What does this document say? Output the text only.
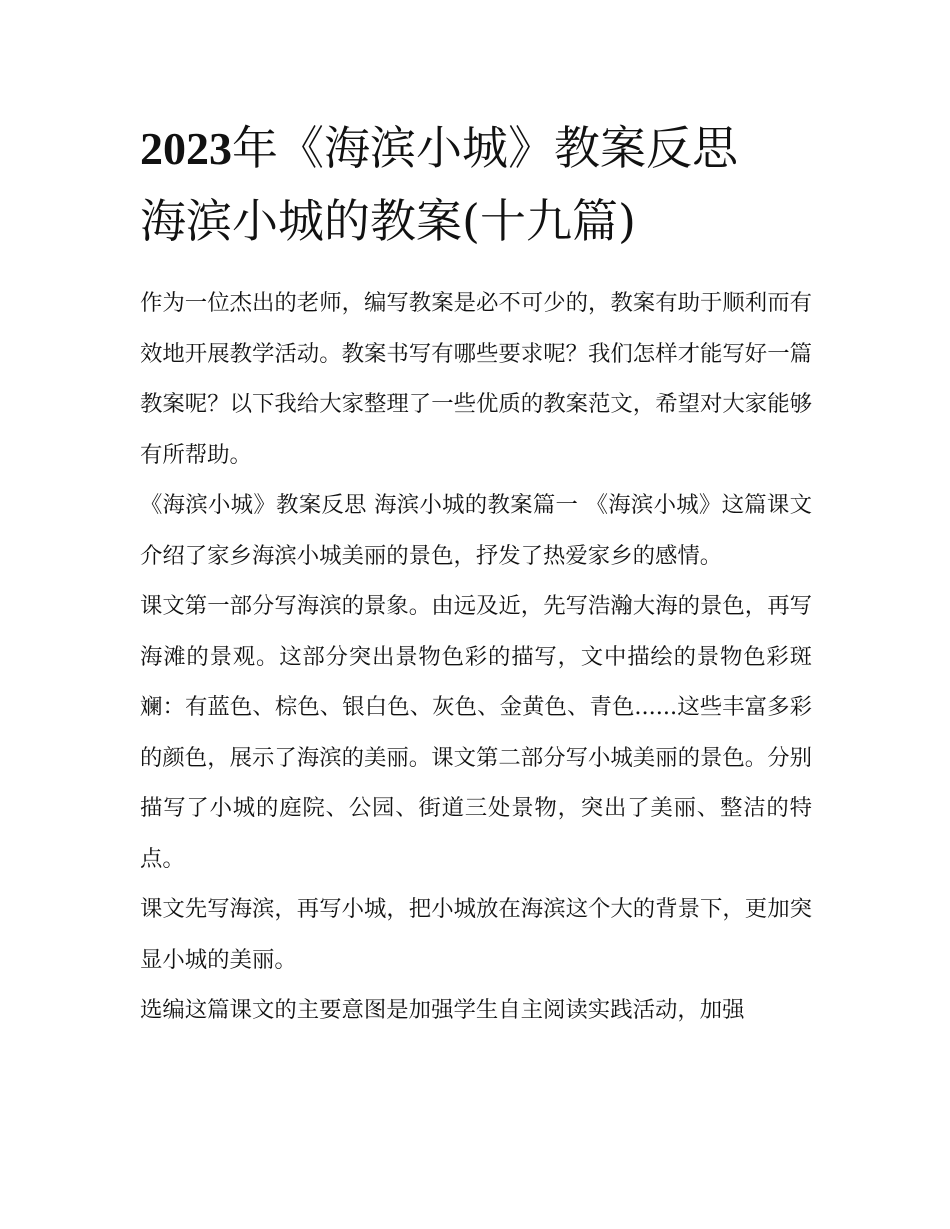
2023年《海滨小城》教案反思
海滨小城的教案(十九篇)

作为一位杰出的老师，编写教案是必不可少的，教案有助于顺利而有效地开展教学活动。教案书写有哪些要求呢？我们怎样才能写好一篇教案呢？以下我给大家整理了一些优质的教案范文，希望对大家能够有所帮助。

《海滨小城》教案反思 海滨小城的教案篇一 《海滨小城》这篇课文介绍了家乡海滨小城美丽的景色，抒发了热爱家乡的感情。

课文第一部分写海滨的景象。由远及近，先写浩瀚大海的景色，再写海滩的景观。这部分突出景物色彩的描写，文中描绘的景物色彩斑斓：有蓝色、棕色、银白色、灰色、金黄色、青色......这些丰富多彩的颜色，展示了海滨的美丽。课文第二部分写小城美丽的景色。分别描写了小城的庭院、公园、街道三处景物，突出了美丽、整洁的特点。

课文先写海滨，再写小城，把小城放在海滨这个大的背景下，更加突显小城的美丽。

选编这篇课文的主要意图是加强学生自主阅读实践活动，加强
